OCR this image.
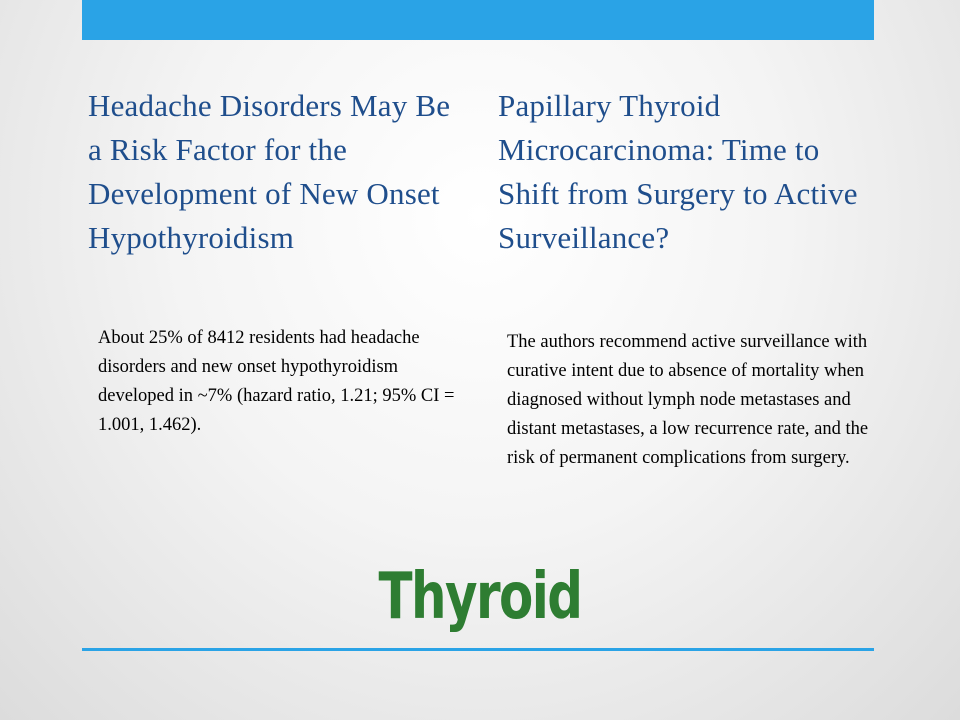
Headache Disorders May Be a Risk Factor for the Development of New Onset Hypothyroidism
Papillary Thyroid Microcarcinoma: Time to Shift from Surgery to Active Surveillance?

About 25% of 8412 residents had headache disorders and new onset hypothyroidism developed in ~7% (hazard ratio, 1.21; 95% CI = 1.001, 1.462).

The authors recommend active surveillance with curative intent due to absence of mortality when diagnosed without lymph node metastases and distant metastases, a low recurrence rate, and the risk of permanent complications from surgery.

Thyroid
